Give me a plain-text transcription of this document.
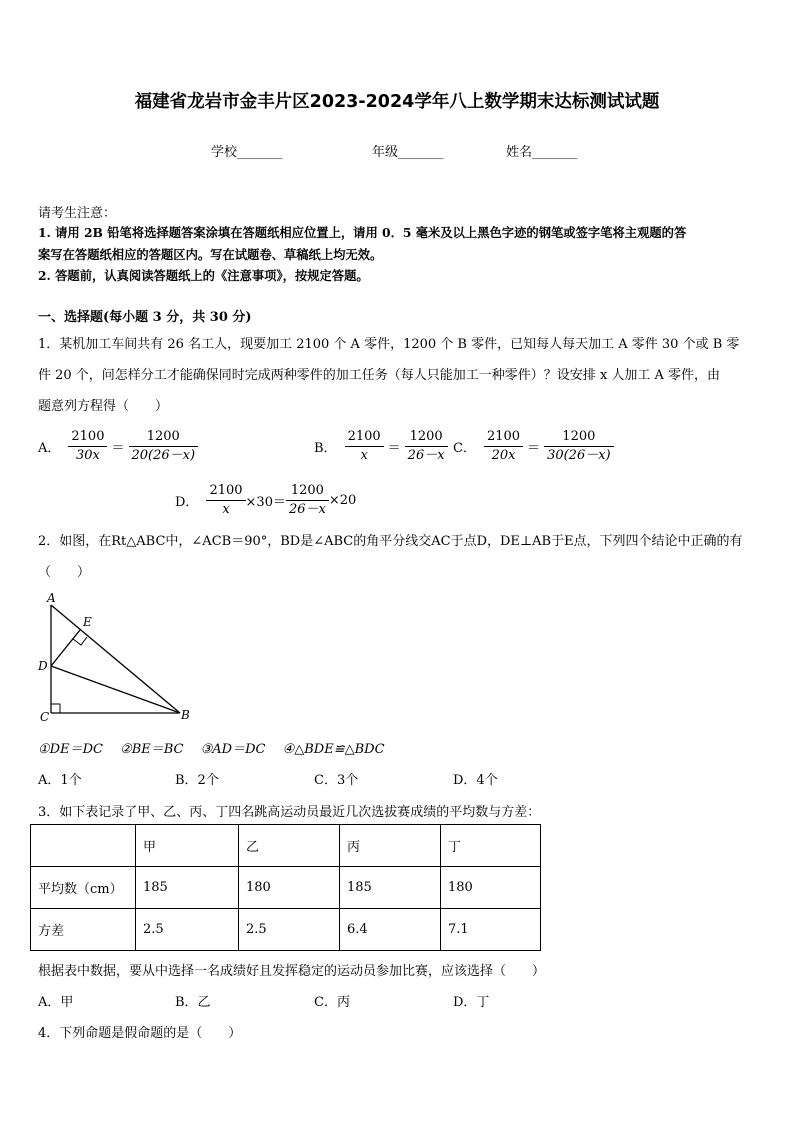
福建省龙岩市金丰片区2023-2024学年八上数学期末达标测试试题
学校_______	年级_______	姓名_______
请考生注意：
1. 请用 2B 铅笔将选择题答案涂填在答题纸相应位置上，请用 0．5 毫米及以上黑色字迹的钢笔或签字笔将主观题的答
案写在答题纸相应的答题区内。写在试题卷、草稿纸上均无效。
2. 答题前，认真阅读答题纸上的《注意事项》，按规定答题。
一、选择题(每小题 3 分，共 30 分)
1．某机加工车间共有 26 名工人，现要加工 2100 个 A 零件，1200 个 B 零件，已知每人每天加工 A 零件 30 个或 B 零
件 20 个，问怎样分工才能确保同时完成两种零件的加工任务（每人只能加工一种零件）？设安排 x 人加工 A 零件，由
题意列方程得（　　）
A． $\frac{2100}{30x} = \frac{1200}{20(26-x)}$	B． $\frac{2100}{x} = \frac{1200}{26-x}$ C． $\frac{2100}{20x} = \frac{1200}{30(26-x)}$
D． $\frac{2100}{x} \times 30= \frac{1200}{26-x} \times 20$
2．如图，在Rt△ABC中，∠ACB＝90°，BD是∠ABC的角平分线交AC于点D，DE⊥AB于E点，下列四个结论中正确的有
（　　）
A
E
D
C	B
①DE＝DC　 ②BE＝BC　 ③AD＝DC　 ④△BDE≌△BDC
A．1个	B．2个	C．3个	D．4个
3．如下表记录了甲、乙、丙、丁四名跳高运动员最近几次选拔赛成绩的平均数与方差：
	甲	乙	丙	丁
平均数（cm）	185	180	185	180
方差	2.5	2.5	6.4	7.1
根据表中数据，要从中选择一名成绩好且发挥稳定的运动员参加比赛，应该选择（　　）
A．甲	B．乙	C．丙	D．丁
4．下列命题是假命题的是（　　）
